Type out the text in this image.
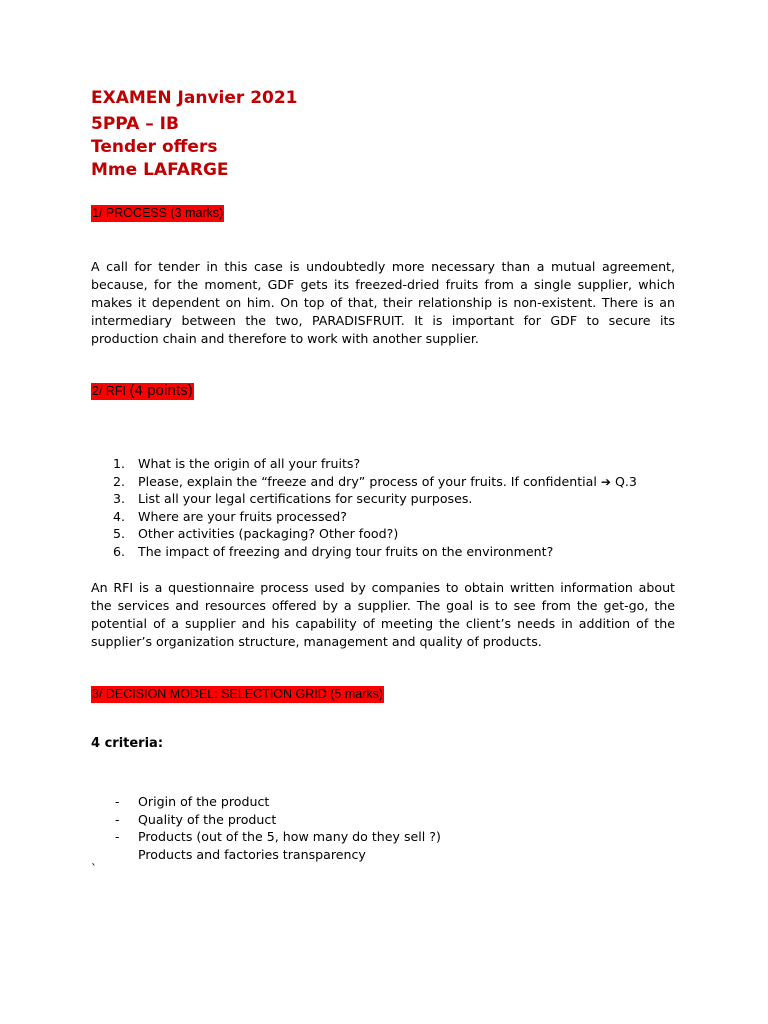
EXAMEN Janvier 2021
5PPA – IB
Tender offers
Mme LAFARGE
1/ PROCESS (3 marks)

A call for tender in this case is undoubtedly more necessary than a mutual agreement, because, for the moment, GDF gets its freezed-dried fruits from a single supplier, which makes it dependent on him. On top of that, their relationship is non-existent. There is an intermediary between the two, PARADISFRUIT. It is important for GDF to secure its production chain and therefore to work with another supplier.

2/ RFI (4 points)
1.	What is the origin of all your fruits?
2.	Please, explain the “freeze and dry” process of your fruits. If confidential ➔ Q.3
3.	List all your legal certifications for security purposes.
4.	Where are your fruits processed?
5.	Other activities (packaging? Other food?)
6.	The impact of freezing and drying tour fruits on the environment?

An RFI is a questionnaire process used by companies to obtain written information about the services and resources offered by a supplier. The goal is to see from the get-go, the potential of a supplier and his capability of meeting the client’s needs in addition of the supplier’s organization structure, management and quality of products.

3/ DECISION MODEL: SELECTION GRID (5 marks)
4 criteria:
- Origin of the product
- Quality of the product
- Products (out of the 5, how many do they sell ?)
Products and factories transparency
`
